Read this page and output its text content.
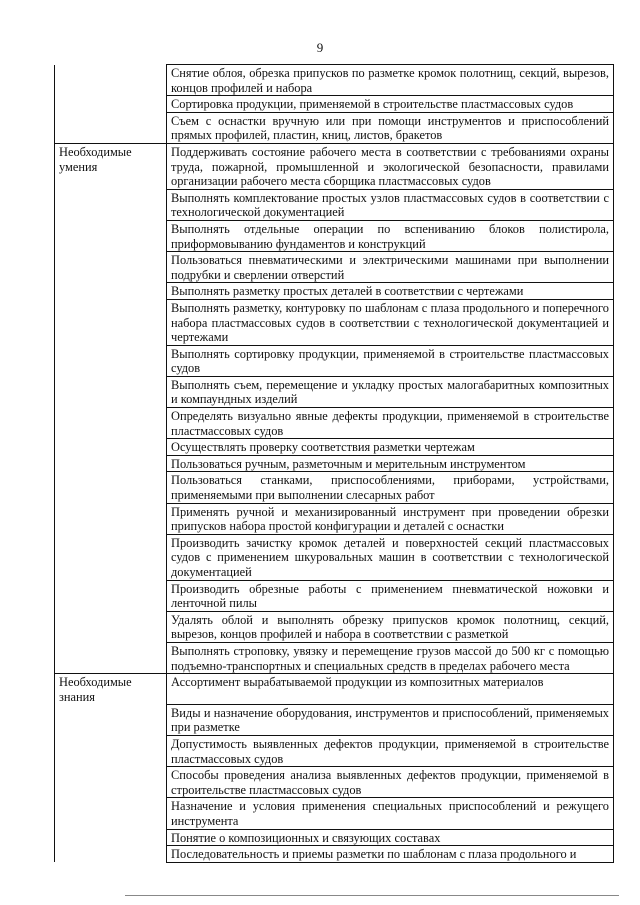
9
	Снятие облоя, обрезка припусков по разметке кромок полотнищ, секций, вырезов, концов профилей и набора
	Сортировка продукции, применяемой в строительстве пластмассовых судов
	Съем с оснастки вручную или при помощи инструментов и приспособлений прямых профилей, пластин, книц, листов, бракетов
Необходимые умения	Поддерживать состояние рабочего места в соответствии с требованиями охраны труда, пожарной, промышленной и экологической безопасности, правилами организации рабочего места сборщика пластмассовых судов
	Выполнять комплектование простых узлов пластмассовых судов в соответствии с технологической документацией
	Выполнять отдельные операции по вспениванию блоков полистирола, приформовыванию фундаментов и конструкций
	Пользоваться пневматическими и электрическими машинами при выполнении подрубки и сверлении отверстий
	Выполнять разметку простых деталей в соответствии с чертежами
	Выполнять разметку, контуровку по шаблонам с плаза продольного и поперечного набора пластмассовых судов в соответствии с технологической документацией и чертежами
	Выполнять сортировку продукции, применяемой в строительстве пластмассовых судов
	Выполнять съем, перемещение и укладку простых малогабаритных композитных и компаундных изделий
	Определять визуально явные дефекты продукции, применяемой в строительстве пластмассовых судов
	Осуществлять проверку соответствия разметки чертежам
	Пользоваться ручным, разметочным и мерительным инструментом
	Пользоваться станками, приспособлениями, приборами, устройствами, применяемыми при выполнении слесарных работ
	Применять ручной и механизированный инструмент при проведении обрезки припусков набора простой конфигурации и деталей с оснастки
	Производить зачистку кромок деталей и поверхностей секций пластмассовых судов с применением шкуровальных машин в соответствии с технологической документацией
	Производить обрезные работы с применением пневматической ножовки и ленточной пилы
	Удалять облой и выполнять обрезку припусков кромок полотнищ, секций, вырезов, концов профилей и набора в соответствии с разметкой
	Выполнять строповку, увязку и перемещение грузов массой до 500 кг с помощью подъемно-транспортных и специальных средств в пределах рабочего места
Необходимые знания	Ассортимент вырабатываемой продукции из композитных материалов
	Виды и назначение оборудования, инструментов и приспособлений, применяемых при разметке
	Допустимость выявленных дефектов продукции, применяемой в строительстве пластмассовых судов
	Способы проведения анализа выявленных дефектов продукции, применяемой в строительстве пластмассовых судов
	Назначение и условия применения специальных приспособлений и режущего инструмента
	Понятие о композиционных и связующих составах
	Последовательность и приемы разметки по шаблонам с плаза продольного и
